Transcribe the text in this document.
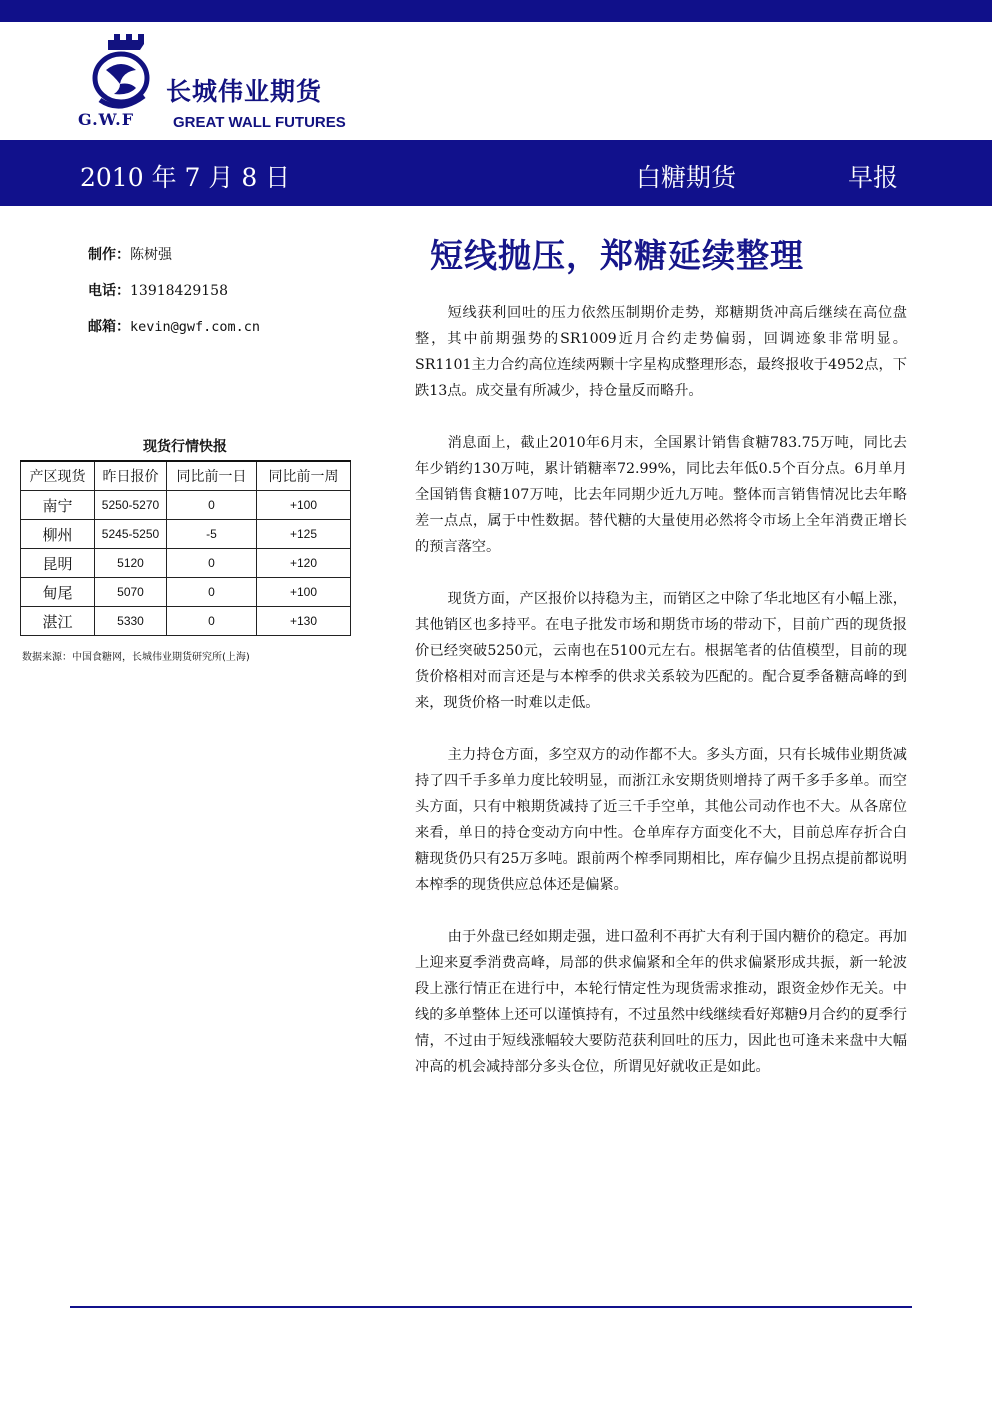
长城伟业期货
G.W.F	GREAT WALL FUTURES
2010 年 7 月 8 日	白糖期货	早报
制作：陈树强
电话：13918429158
邮箱：kevin@gwf.com.cn
短线抛压，郑糖延续整理

短线获利回吐的压力依然压制期价走势，郑糖期货冲高后继续在高位盘整，其中前期强势的SR1009近月合约走势偏弱，回调迹象非常明显。SR1101主力合约高位连续两颗十字星构成整理形态，最终报收于4952点，下跌13点。成交量有所减少，持仓量反而略升。

消息面上，截止2010年6月末，全国累计销售食糖783.75万吨，同比去年少销约130万吨，累计销糖率72.99%，同比去年低0.5个百分点。6月单月全国销售食糖107万吨，比去年同期少近九万吨。整体而言销售情况比去年略差一点点，属于中性数据。替代糖的大量使用必然将令市场上全年消费正增长的预言落空。

现货方面，产区报价以持稳为主，而销区之中除了华北地区有小幅上涨，其他销区也多持平。在电子批发市场和期货市场的带动下，目前广西的现货报价已经突破5250元，云南也在5100元左右。根据笔者的估值模型，目前的现货价格相对而言还是与本榨季的供求关系较为匹配的。配合夏季备糖高峰的到来，现货价格一时难以走低。

主力持仓方面，多空双方的动作都不大。多头方面，只有长城伟业期货减持了四千手多单力度比较明显，而浙江永安期货则增持了两千多手多单。而空头方面，只有中粮期货减持了近三千手空单，其他公司动作也不大。从各席位来看，单日的持仓变动方向中性。仓单库存方面变化不大，目前总库存折合白糖现货仍只有25万多吨。跟前两个榨季同期相比，库存偏少且拐点提前都说明本榨季的现货供应总体还是偏紧。

由于外盘已经如期走强，进口盈利不再扩大有利于国内糖价的稳定。再加上迎来夏季消费高峰，局部的供求偏紧和全年的供求偏紧形成共振，新一轮波段上涨行情正在进行中，本轮行情定性为现货需求推动，跟资金炒作无关。中线的多单整体上还可以谨慎持有，不过虽然中线继续看好郑糖9月合约的夏季行情，不过由于短线涨幅较大要防范获利回吐的压力，因此也可逢未来盘中大幅冲高的机会减持部分多头仓位，所谓见好就收正是如此。

现货行情快报
产区现货	昨日报价	同比前一日	同比前一周
南宁	5250-5270	0	+100
柳州	5245-5250	-5	+125
昆明	5120	0	+120
甸尾	5070	0	+100
湛江	5330	0	+130
数据来源：中国食糖网，长城伟业期货研究所(上海)
